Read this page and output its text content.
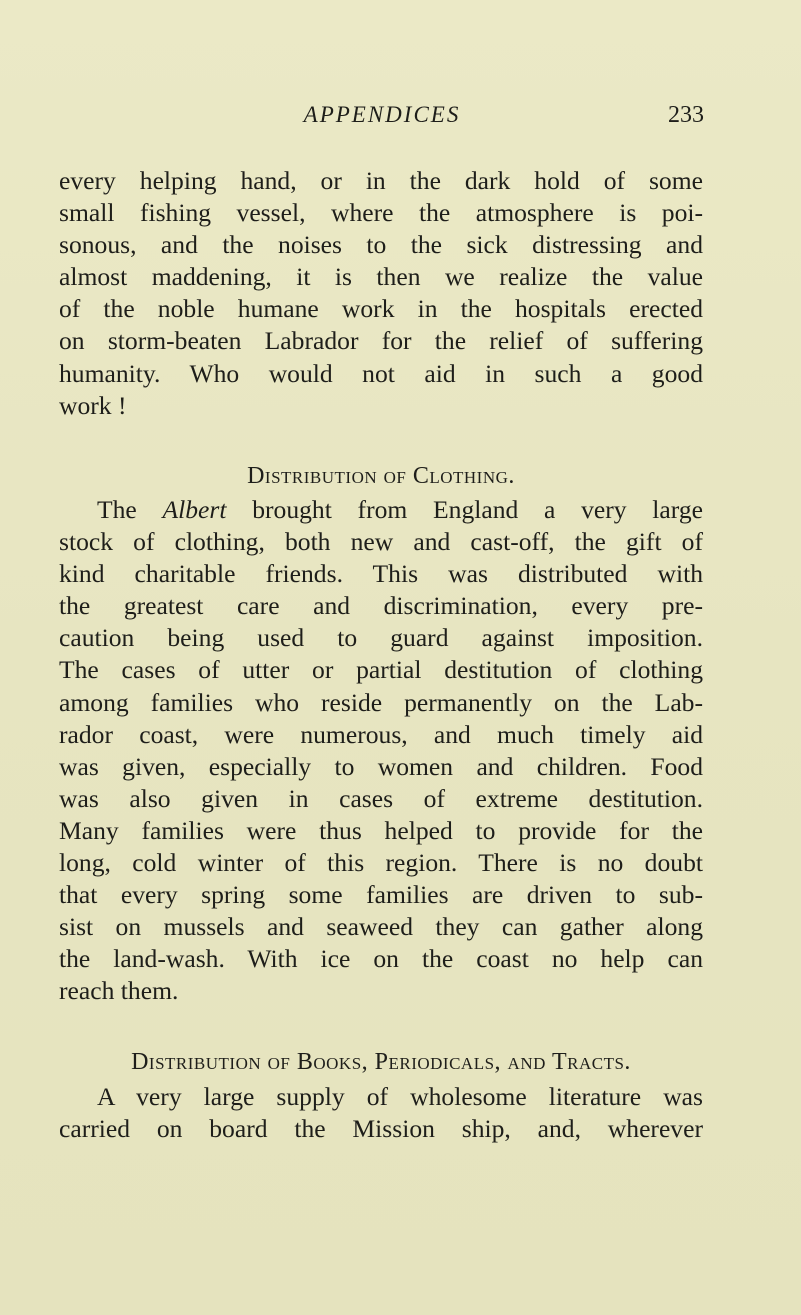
APPENDICES	233
every helping hand, or in the dark hold of some
small fishing vessel, where the atmosphere is poi-
sonous, and the noises to the sick distressing and
almost maddening, it is then we realize the value
of the noble humane work in the hospitals erected
on storm-beaten Labrador for the relief of suffering
humanity. Who would not aid in such a good
work !
Distribution of Clothing.
The Albert brought from England a very large
stock of clothing, both new and cast-off, the gift of
kind charitable friends. This was distributed with
the greatest care and discrimination, every pre-
caution being used to guard against imposition.
The cases of utter or partial destitution of clothing
among families who reside permanently on the Lab-
rador coast, were numerous, and much timely aid
was given, especially to women and children. Food
was also given in cases of extreme destitution.
Many families were thus helped to provide for the
long, cold winter of this region. There is no doubt
that every spring some families are driven to sub-
sist on mussels and seaweed they can gather along
the land-wash. With ice on the coast no help can
reach them.
Distribution of Books, Periodicals, and Tracts.
A very large supply of wholesome literature was
carried on board the Mission ship, and, wherever
